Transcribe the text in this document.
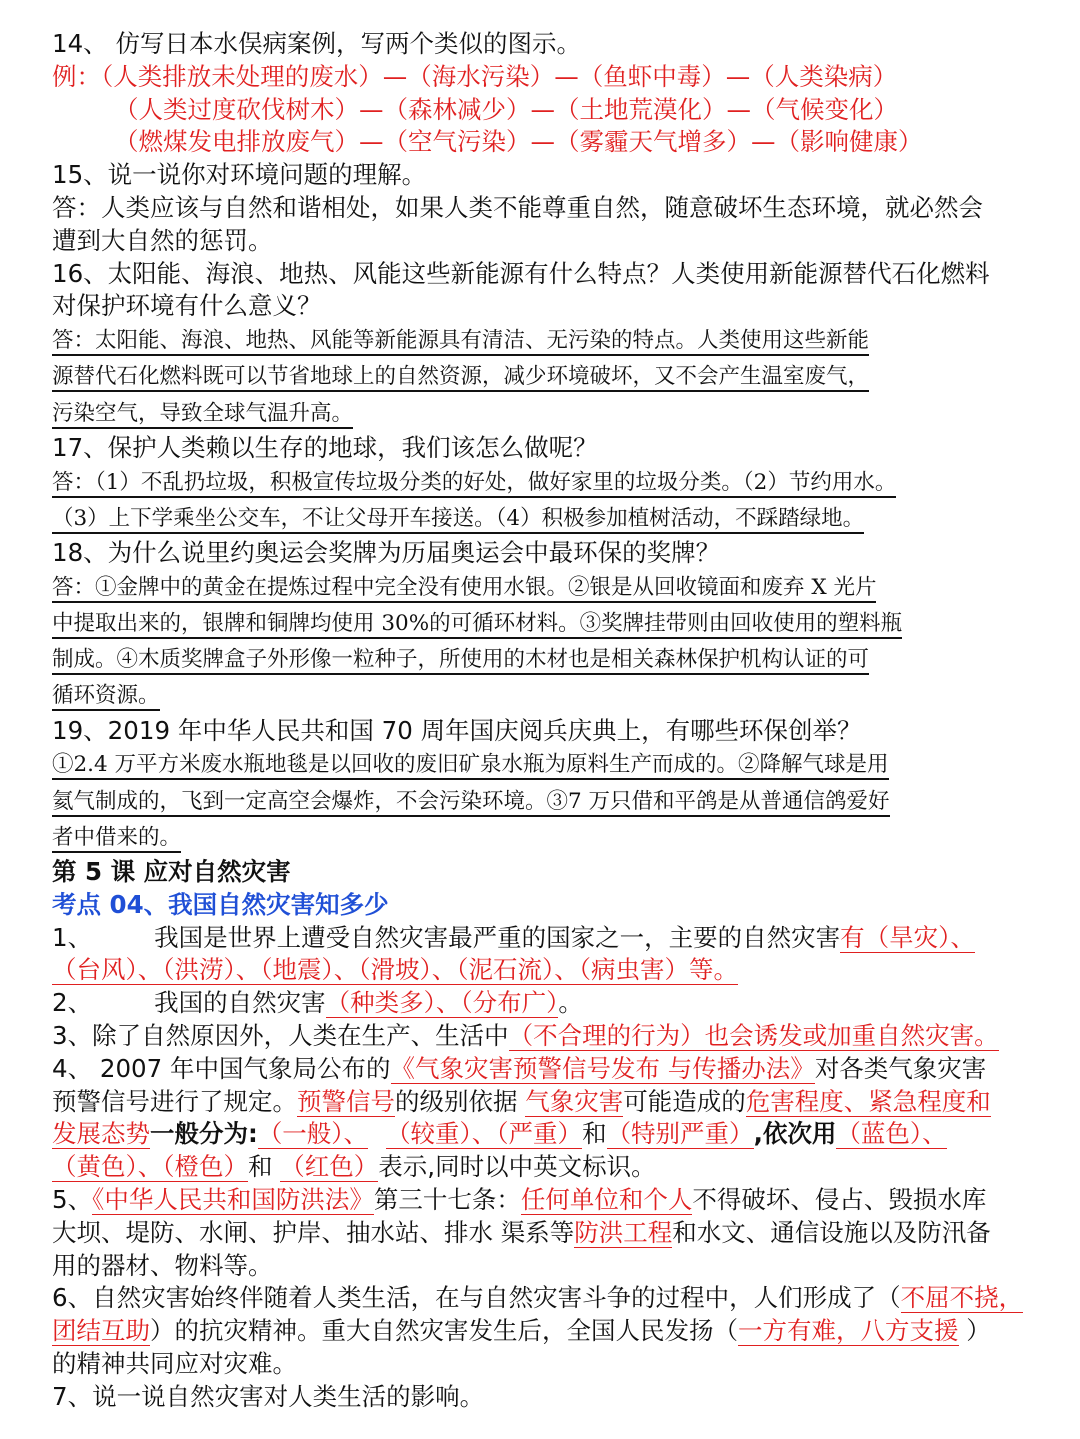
14、 仿写日本水俣病案例，写两个类似的图示。
例：（人类排放未处理的废水）—（海水污染）—（鱼虾中毒）—（人类染病）
（人类过度砍伐树木）—（森林减少）—（土地荒漠化）—（气候变化）
（燃煤发电排放废气）—（空气污染）—（雾霾天气增多）—（影响健康）
15、说一说你对环境问题的理解。
答：人类应该与自然和谐相处，如果人类不能尊重自然，随意破坏生态环境，就必然会
遭到大自然的惩罚。
16、太阳能、海浪、地热、风能这些新能源有什么特点？人类使用新能源替代石化燃料
对保护环境有什么意义？
答：太阳能、海浪、地热、风能等新能源具有清洁、无污染的特点。人类使用这些新能
源替代石化燃料既可以节省地球上的自然资源，减少环境破坏，又不会产生温室废气，
污染空气，导致全球气温升高。
17、保护人类赖以生存的地球，我们该怎么做呢？
答：（1）不乱扔垃圾，积极宣传垃圾分类的好处，做好家里的垃圾分类。（2）节约用水。
（3）上下学乘坐公交车，不让父母开车接送。（4）积极参加植树活动，不踩踏绿地。
18、为什么说里约奥运会奖牌为历届奥运会中最环保的奖牌？
答：①金牌中的黄金在提炼过程中完全没有使用水银。②银是从回收镜面和废弃 X 光片
中提取出来的，银牌和铜牌均使用 30%的可循环材料。③奖牌挂带则由回收使用的塑料瓶
制成。④木质奖牌盒子外形像一粒种子，所使用的木材也是相关森林保护机构认证的可
循环资源。
19、2019 年中华人民共和国 70 周年国庆阅兵庆典上，有哪些环保创举？
①2.4 万平方米废水瓶地毯是以回收的废旧矿泉水瓶为原料生产而成的。②降解气球是用
氦气制成的，飞到一定高空会爆炸，不会污染环境。③7 万只借和平鸽是从普通信鸽爱好
者中借来的。
第 5 课 应对自然灾害
考点 04、我国自然灾害知多少
1、	我国是世界上遭受自然灾害最严重的国家之一，主要的自然灾害有（旱灾）、
（台风）、（洪涝）、（地震）、（滑坡）、（泥石流）、（病虫害）等。
2、	我国的自然灾害（种类多）、（分布广）。
3、除了自然原因外，人类在生产、生活中（不合理的行为）也会诱发或加重自然灾害。
4、 2007 年中国气象局公布的《气象灾害预警信号发布 与传播办法》对各类气象灾害
预警信号进行了规定。预警信号的级别依据 气象灾害可能造成的危害程度、紧急程度和
发展态势一般分为:（一般）、 （较重）、（严重）和（特别严重）,依次用（蓝色）、
（黄色）、（橙色）和 （红色）表示,同时以中英文标识。
5、《中华人民共和国防洪法》第三十七条：任何单位和个人不得破坏、侵占、毁损水库
大坝、堤防、水闸、护岸、抽水站、排水 渠系等防洪工程和水文、通信设施以及防汛备
用的器材、物料等。
6、自然灾害始终伴随着人类生活，在与自然灾害斗争的过程中，人们形成了（不屈不挠，
团结互助）的抗灾精神。重大自然灾害发生后，全国人民发扬（一方有难，八方支援 ）
的精神共同应对灾难。
7、说一说自然灾害对人类生活的影响。
